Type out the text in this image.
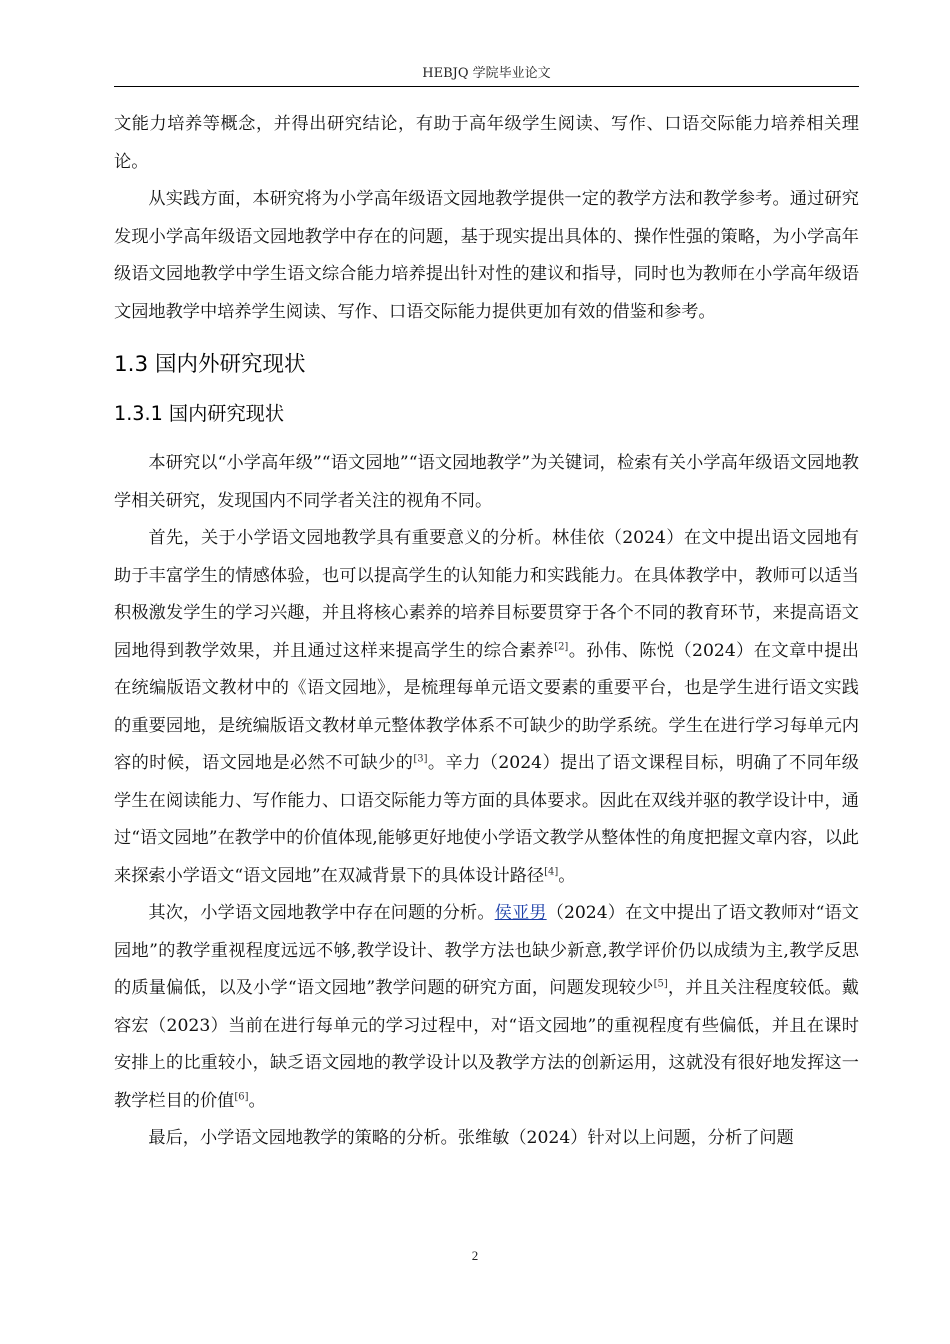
HEBJQ 学院毕业论文

文能力培养等概念，并得出研究结论，有助于高年级学生阅读、写作、口语交际能力培养相关理论。

从实践方面，本研究将为小学高年级语文园地教学提供一定的教学方法和教学参考。通过研究发现小学高年级语文园地教学中存在的问题，基于现实提出具体的、操作性强的策略，为小学高年级语文园地教学中学生语文综合能力培养提出针对性的建议和指导，同时也为教师在小学高年级语文园地教学中培养学生阅读、写作、口语交际能力提供更加有效的借鉴和参考。

1.3 国内外研究现状
1.3.1 国内研究现状

本研究以“小学高年级”“语文园地”“语文园地教学”为关键词，检索有关小学高年级语文园地教学相关研究，发现国内不同学者关注的视角不同。

首先，关于小学语文园地教学具有重要意义的分析。林佳依（2024）在文中提出语文园地有助于丰富学生的情感体验，也可以提高学生的认知能力和实践能力。在具体教学中，教师可以适当积极激发学生的学习兴趣，并且将核心素养的培养目标要贯穿于各个不同的教育环节，来提高语文园地得到教学效果，并且通过这样来提高学生的综合素养[2]。孙伟、陈悦（2024）在文章中提出在统编版语文教材中的《语文园地》，是梳理每单元语文要素的重要平台，也是学生进行语文实践的重要园地，是统编版语文教材单元整体教学体系不可缺少的助学系统。学生在进行学习每单元内容的时候，语文园地是必然不可缺少的[3]。辛力（2024）提出了语文课程目标，明确了不同年级学生在阅读能力、写作能力、口语交际能力等方面的具体要求。因此在双线并驱的教学设计中，通过“语文园地”在教学中的价值体现,能够更好地使小学语文教学从整体性的角度把握文章内容，以此来探索小学语文“语文园地”在双减背景下的具体设计路径[4]。

其次，小学语文园地教学中存在问题的分析。侯亚男（2024）在文中提出了语文教师对“语文园地”的教学重视程度远远不够,教学设计、教学方法也缺少新意,教学评价仍以成绩为主,教学反思的质量偏低，以及小学“语文园地”教学问题的研究方面，问题发现较少[5]，并且关注程度较低。戴容宏（2023）当前在进行每单元的学习过程中，对“语文园地”的重视程度有些偏低，并且在课时安排上的比重较小，缺乏语文园地的教学设计以及教学方法的创新运用，这就没有很好地发挥这一教学栏目的价值[6]。

最后，小学语文园地教学的策略的分析。张维敏（2024）针对以上问题，分析了问题

2
